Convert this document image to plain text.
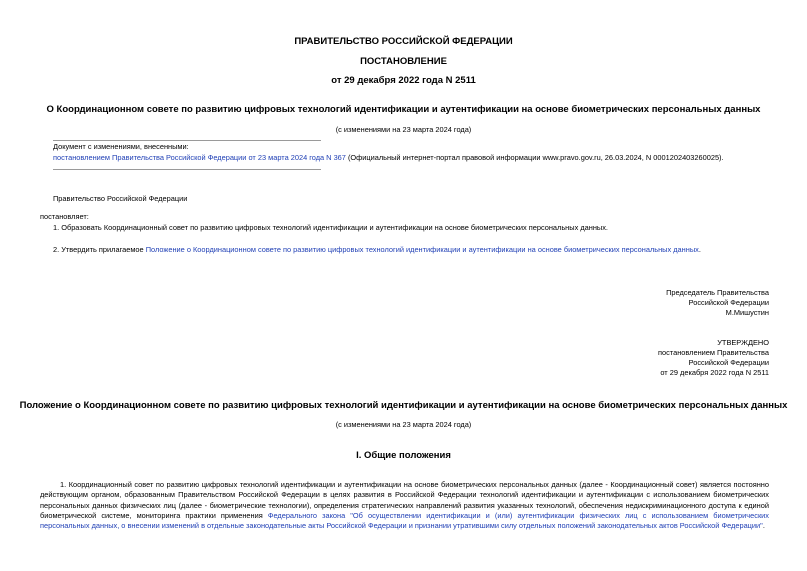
ПРАВИТЕЛЬСТВО РОССИЙСКОЙ ФЕДЕРАЦИИ
ПОСТАНОВЛЕНИЕ
от 29 декабря 2022 года N 2511
О Координационном совете по развитию цифровых технологий идентификации и аутентификации на основе биометрических персональных данных
(с изменениями на 23 марта 2024 года)
Документ с изменениями, внесенными:
постановлением Правительства Российской Федерации от 23 марта 2024 года N 367 (Официальный интернет-портал правовой информации www.pravo.gov.ru, 26.03.2024, N 0001202403260025).
Правительство Российской Федерации
постановляет:
1. Образовать Координационный совет по развитию цифровых технологий идентификации и аутентификации на основе биометрических персональных данных.
2. Утвердить прилагаемое Положение о Координационном совете по развитию цифровых технологий идентификации и аутентификации на основе биометрических персональных данных.
Председатель Правительства
Российской Федерации
М.Мишустин
УТВЕРЖДЕНО
постановлением Правительства
Российской Федерации
от 29 декабря 2022 года N 2511
Положение о Координационном совете по развитию цифровых технологий идентификации и аутентификации на основе биометрических персональных данных
(с изменениями на 23 марта 2024 года)
I. Общие положения
1. Координационный совет по развитию цифровых технологий идентификации и аутентификации на основе биометрических персональных данных (далее - Координационный совет) является постоянно действующим органом, образованным Правительством Российской Федерации в целях развития в Российской Федерации технологий идентификации и аутентификации с использованием биометрических персональных данных физических лиц (далее - биометрические технологии), определения стратегических направлений развития указанных технологий, обеспечения недискриминационного доступа к единой биометрической системе, мониторинга практики применения Федерального закона "Об осуществлении идентификации и (или) аутентификации физических лиц с использованием биометрических персональных данных, о внесении изменений в отдельные законодательные акты Российской Федерации и признании утратившими силу отдельных положений законодательных актов Российской Федерации".
